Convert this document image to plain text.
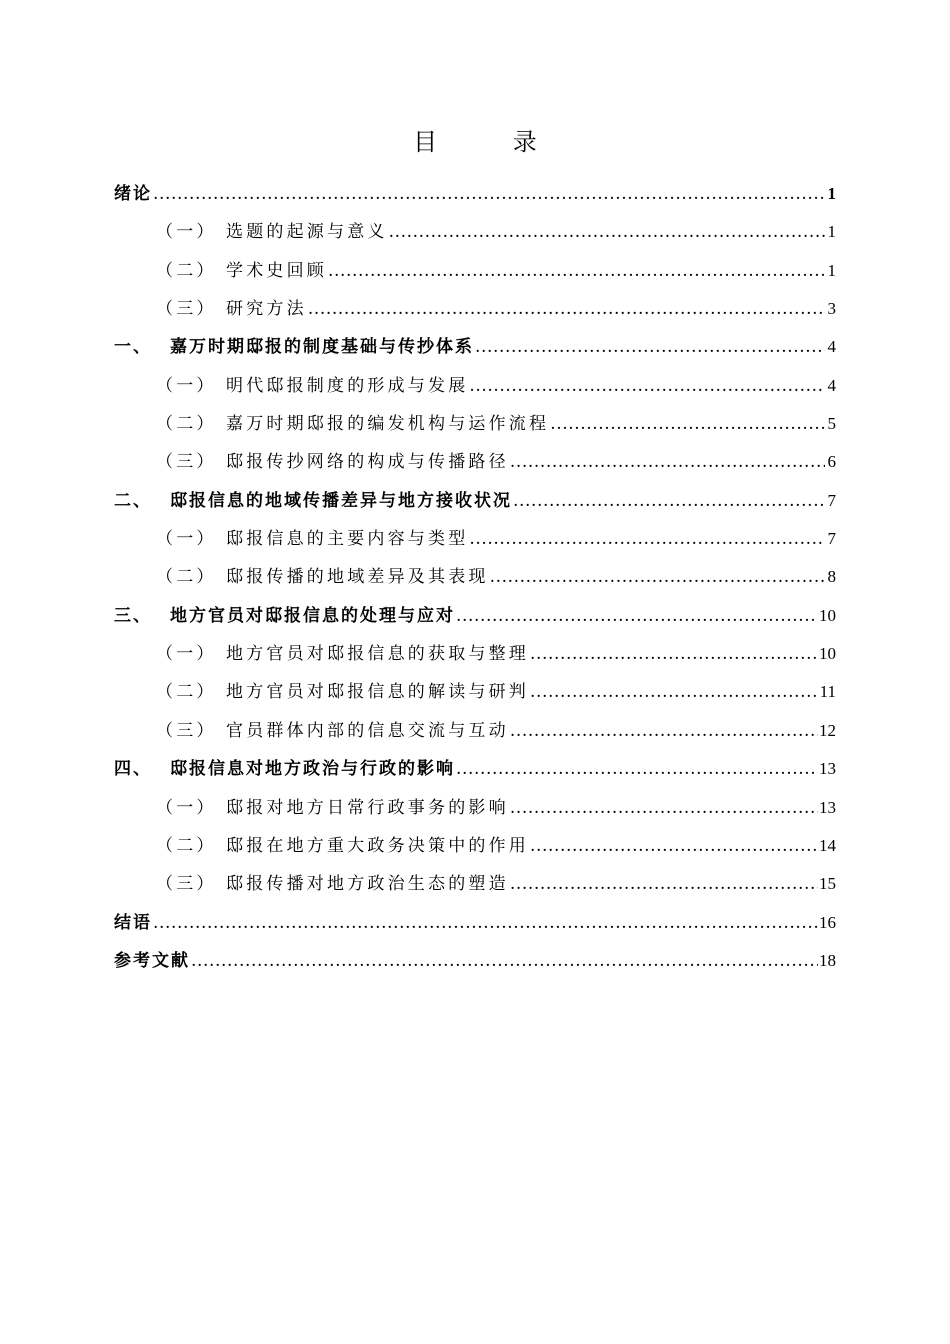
目 录
绪论 .....	1
（一） 选题的起源与意义 .....	1
（二） 学术史回顾 .....	1
（三） 研究方法 .....	3
一、	嘉万时期邸报的制度基础与传抄体系 .....	4
（一） 明代邸报制度的形成与发展 .....	4
（二） 嘉万时期邸报的编发机构与运作流程 .....	5
（三） 邸报传抄网络的构成与传播路径 .....	6
二、	邸报信息的地域传播差异与地方接收状况 .....	7
（一） 邸报信息的主要内容与类型 .....	7
（二） 邸报传播的地域差异及其表现 .....	8
三、	地方官员对邸报信息的处理与应对 .....	10
（一） 地方官员对邸报信息的获取与整理 .....	10
（二） 地方官员对邸报信息的解读与研判 .....	11
（三） 官员群体内部的信息交流与互动 .....	12
四、	邸报信息对地方政治与行政的影响 .....	13
（一） 邸报对地方日常行政事务的影响 .....	13
（二） 邸报在地方重大政务决策中的作用 .....	14
（三） 邸报传播对地方政治生态的塑造 .....	15
结语 .....	16
参考文献 .....	18
